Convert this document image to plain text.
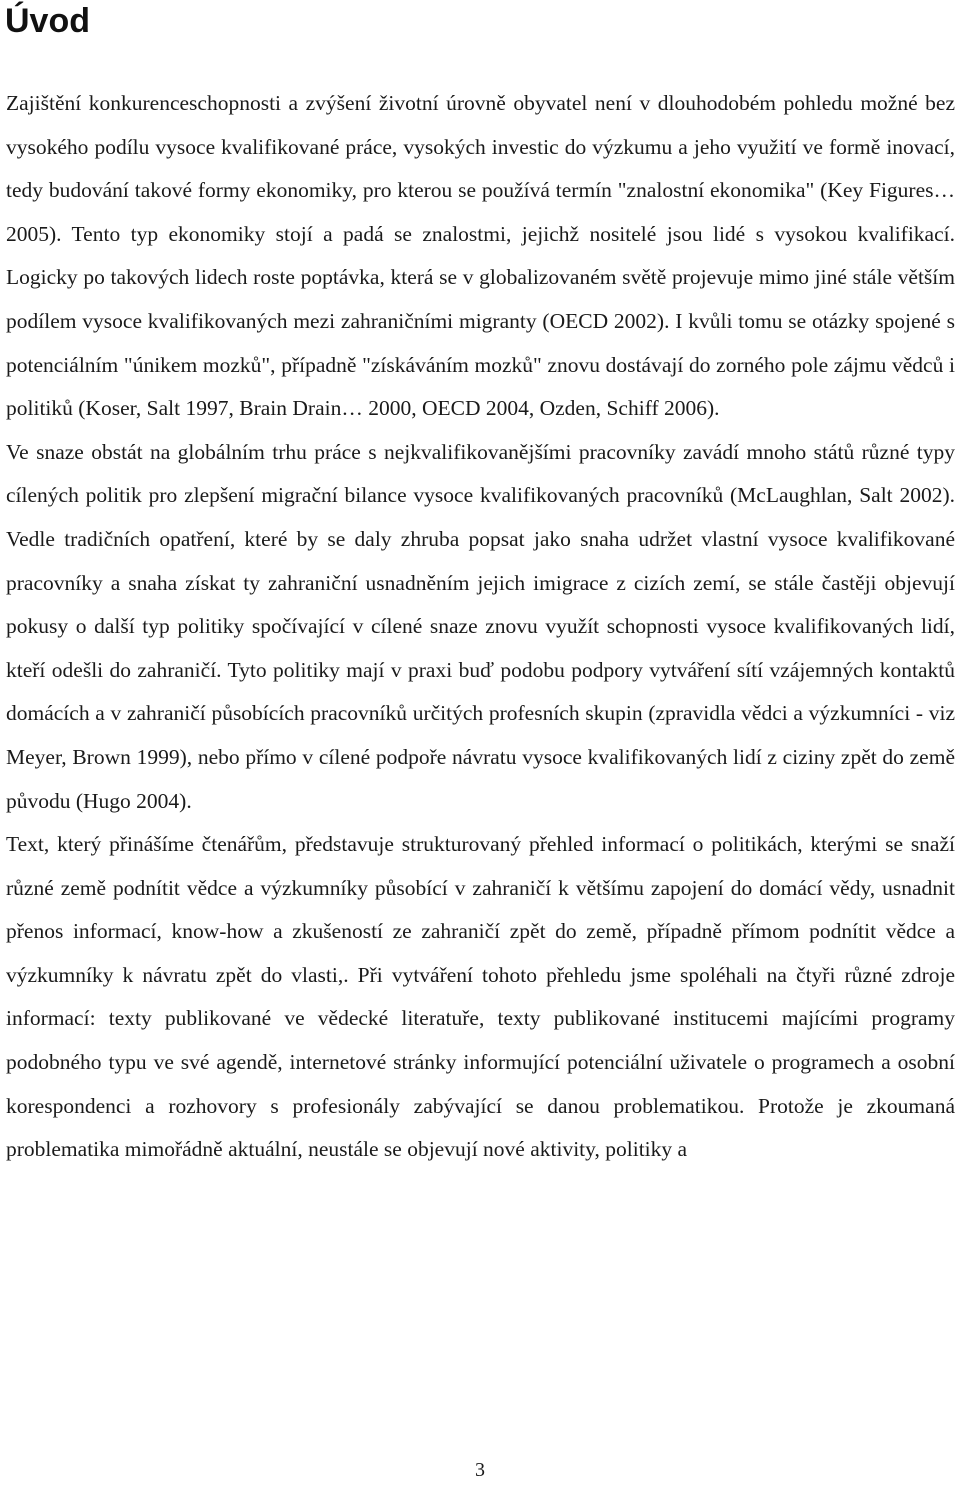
Úvod

Zajištění konkurenceschopnosti a zvýšení životní úrovně obyvatel není v dlouhodobém pohledu možné bez vysokého podílu vysoce kvalifikované práce, vysokých investic do výzkumu a jeho využití ve formě inovací, tedy budování takové formy ekonomiky, pro kterou se používá termín "znalostní ekonomika" (Key Figures… 2005). Tento typ ekonomiky stojí a padá se znalostmi, jejichž nositelé jsou lidé s vysokou kvalifikací. Logicky po takových lidech roste poptávka, která se v globalizovaném světě projevuje mimo jiné stále větším podílem vysoce kvalifikovaných mezi zahraničními migranty (OECD 2002). I kvůli tomu se otázky spojené s potenciálním "únikem mozků", případně "získáváním mozků" znovu dostávají do zorného pole zájmu vědců i politiků (Koser, Salt 1997, Brain Drain… 2000, OECD 2004, Ozden, Schiff 2006).

Ve snaze obstát na globálním trhu práce s nejkvalifikovanějšími pracovníky zavádí mnoho států různé typy cílených politik pro zlepšení migrační bilance vysoce kvalifikovaných pracovníků (McLaughlan, Salt 2002). Vedle tradičních opatření, které by se daly zhruba popsat jako snaha udržet vlastní vysoce kvalifikované pracovníky a snaha získat ty zahraniční usnadněním jejich imigrace z cizích zemí, se stále častěji objevují pokusy o další typ politiky spočívající v cílené snaze znovu využít schopnosti vysoce kvalifikovaných lidí, kteří odešli do zahraničí. Tyto politiky mají v praxi buď podobu podpory vytváření sítí vzájemných kontaktů domácích a v zahraničí působících pracovníků určitých profesních skupin (zpravidla vědci a výzkumníci - viz Meyer, Brown 1999), nebo přímo v cílené podpoře návratu vysoce kvalifikovaných lidí z ciziny zpět do země původu (Hugo 2004).

Text, který přinášíme čtenářům, představuje strukturovaný přehled informací o politikách, kterými se snaží různé země podnítit vědce a výzkumníky působící v zahraničí k většímu zapojení do domácí vědy, usnadnit přenos informací, know-how a zkušeností ze zahraničí zpět do země, případně přímom podnítit vědce a výzkumníky k návratu zpět do vlasti,. Při vytváření tohoto přehledu jsme spoléhali na čtyři různé zdroje informací: texty publikované ve vědecké literatuře, texty publikované institucemi majícími programy podobného typu ve své agendě, internetové stránky informující potenciální uživatele o programech a osobní korespondenci a rozhovory s profesionály zabývající se danou problematikou. Protože je zkoumaná problematika mimořádně aktuální, neustále se objevují nové aktivity, politiky a

3
